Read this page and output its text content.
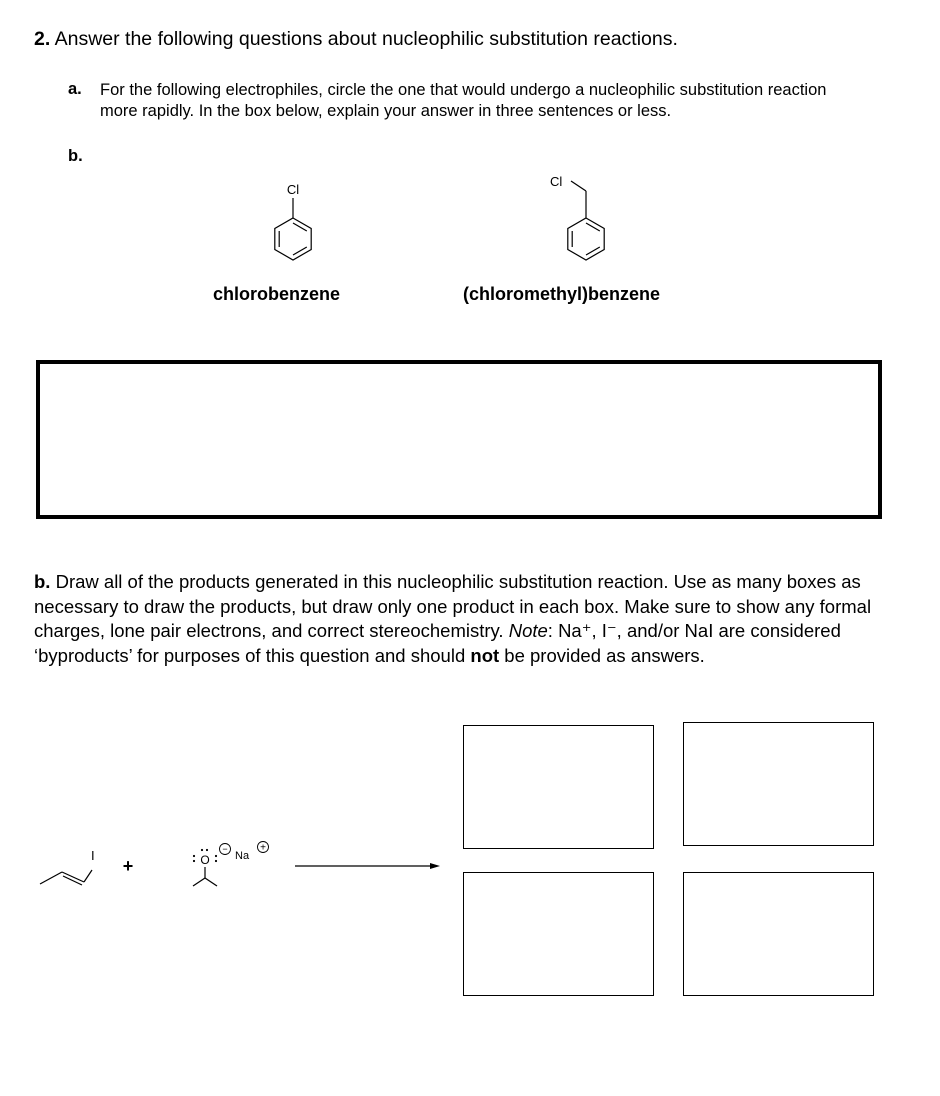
2. Answer the following questions about nucleophilic substitution reactions.
a. For the following electrophiles, circle the one that would undergo a nucleophilic substitution reaction more rapidly. In the box below, explain your answer in three sentences or less.
b.
Cl
chlorobenzene
Cl
(chloromethyl)benzene
b. Draw all of the products generated in this nucleophilic substitution reaction. Use as many boxes as necessary to draw the products, but draw only one product in each box. Make sure to show any formal charges, lone pair electrons, and correct stereochemistry. Note: Na⁺, I⁻, and/or NaI are considered ‘byproducts’ for purposes of this question and should not be provided as answers.
I
+	O
−
Na
+
